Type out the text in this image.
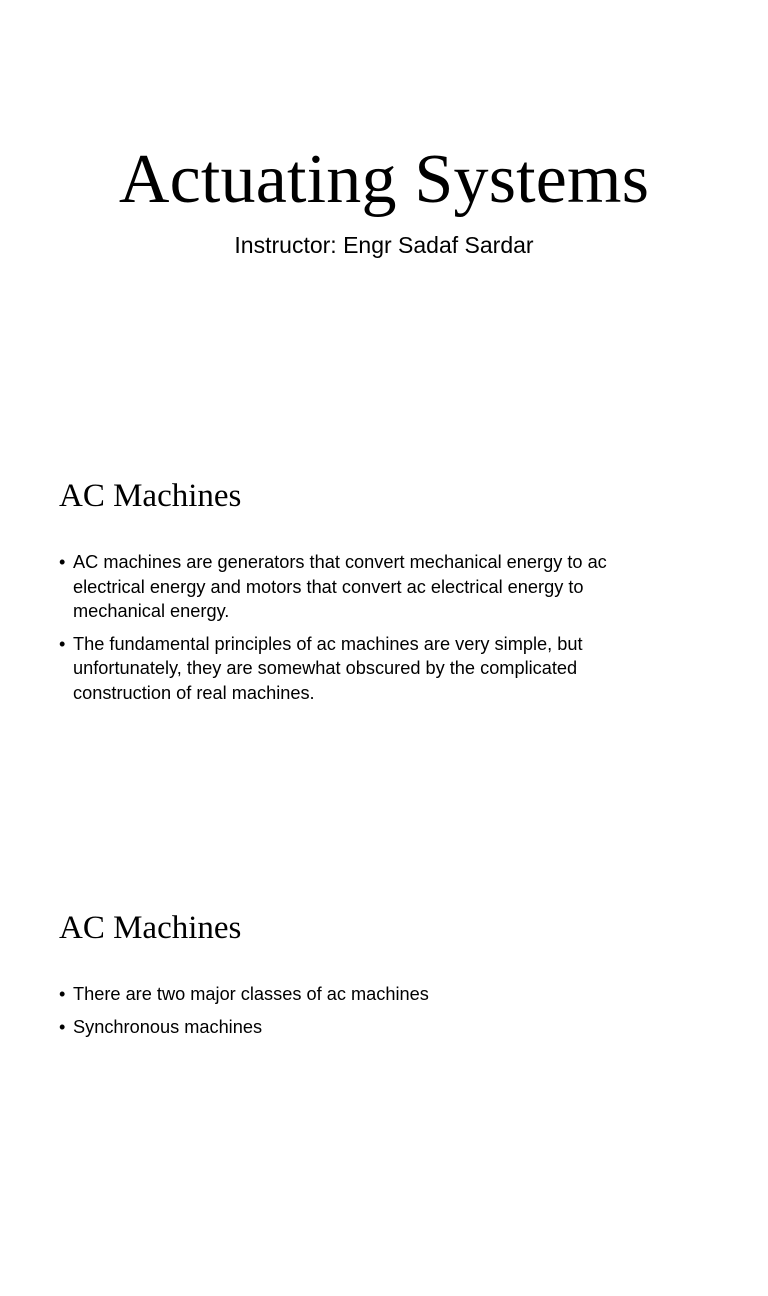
Actuating Systems

Instructor: Engr Sadaf Sardar

AC Machines
• AC machines are generators that convert mechanical energy to ac electrical energy and motors that convert ac electrical energy to mechanical energy.
• The fundamental principles of ac machines are very simple, but unfortunately, they are somewhat obscured by the complicated construction of real machines.
AC Machines
• There are two major classes of ac machines
• Synchronous machines
